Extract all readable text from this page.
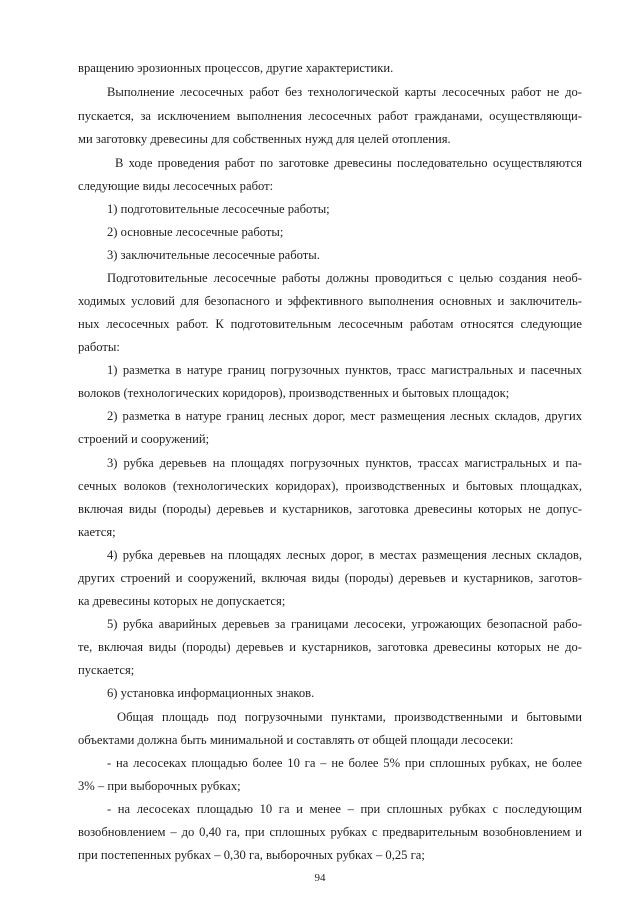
вращению эрозионных процессов, другие характеристики.
Выполнение лесосечных работ без технологической карты лесосечных работ не до-
пускается, за исключением выполнения лесосечных работ гражданами, осуществляющи-
ми заготовку древесины для собственных нужд для целей отопления.
В ходе проведения работ по заготовке древесины последовательно осуществляются
следующие виды лесосечных работ:
1) подготовительные лесосечные работы;
2) основные лесосечные работы;
3) заключительные лесосечные работы.
Подготовительные лесосечные работы должны проводиться с целью создания необ-
ходимых условий для безопасного и эффективного выполнения основных и заключитель-
ных лесосечных работ. К подготовительным лесосечным работам относятся следующие
работы:
1) разметка в натуре границ погрузочных пунктов, трасс магистральных и пасечных
волоков (технологических коридоров), производственных и бытовых площадок;
2) разметка в натуре границ лесных дорог, мест размещения лесных складов, других
строений и сооружений;
3) рубка деревьев на площадях погрузочных пунктов, трассах магистральных и па-
сечных волоков (технологических коридорах), производственных и бытовых площадках,
включая виды (породы) деревьев и кустарников, заготовка древесины которых не допус-
кается;
4) рубка деревьев на площадях лесных дорог, в местах размещения лесных складов,
других строений и сооружений, включая виды (породы) деревьев и кустарников, заготов-
ка древесины которых не допускается;
5) рубка аварийных деревьев за границами лесосеки, угрожающих безопасной рабо-
те, включая виды (породы) деревьев и кустарников, заготовка древесины которых не до-
пускается;
6) установка информационных знаков.
Общая площадь под погрузочными пунктами, производственными и бытовыми
объектами должна быть минимальной и составлять от общей площади лесосеки:
- на лесосеках площадью более 10 га – не более 5% при сплошных рубках, не более
3% – при выборочных рубках;
- на лесосеках площадью 10 га и менее – при сплошных рубках с последующим
возобновлением – до 0,40 га, при сплошных рубках с предварительным возобновлением и
при постепенных рубках – 0,30 га, выборочных рубках – 0,25 га;
94
